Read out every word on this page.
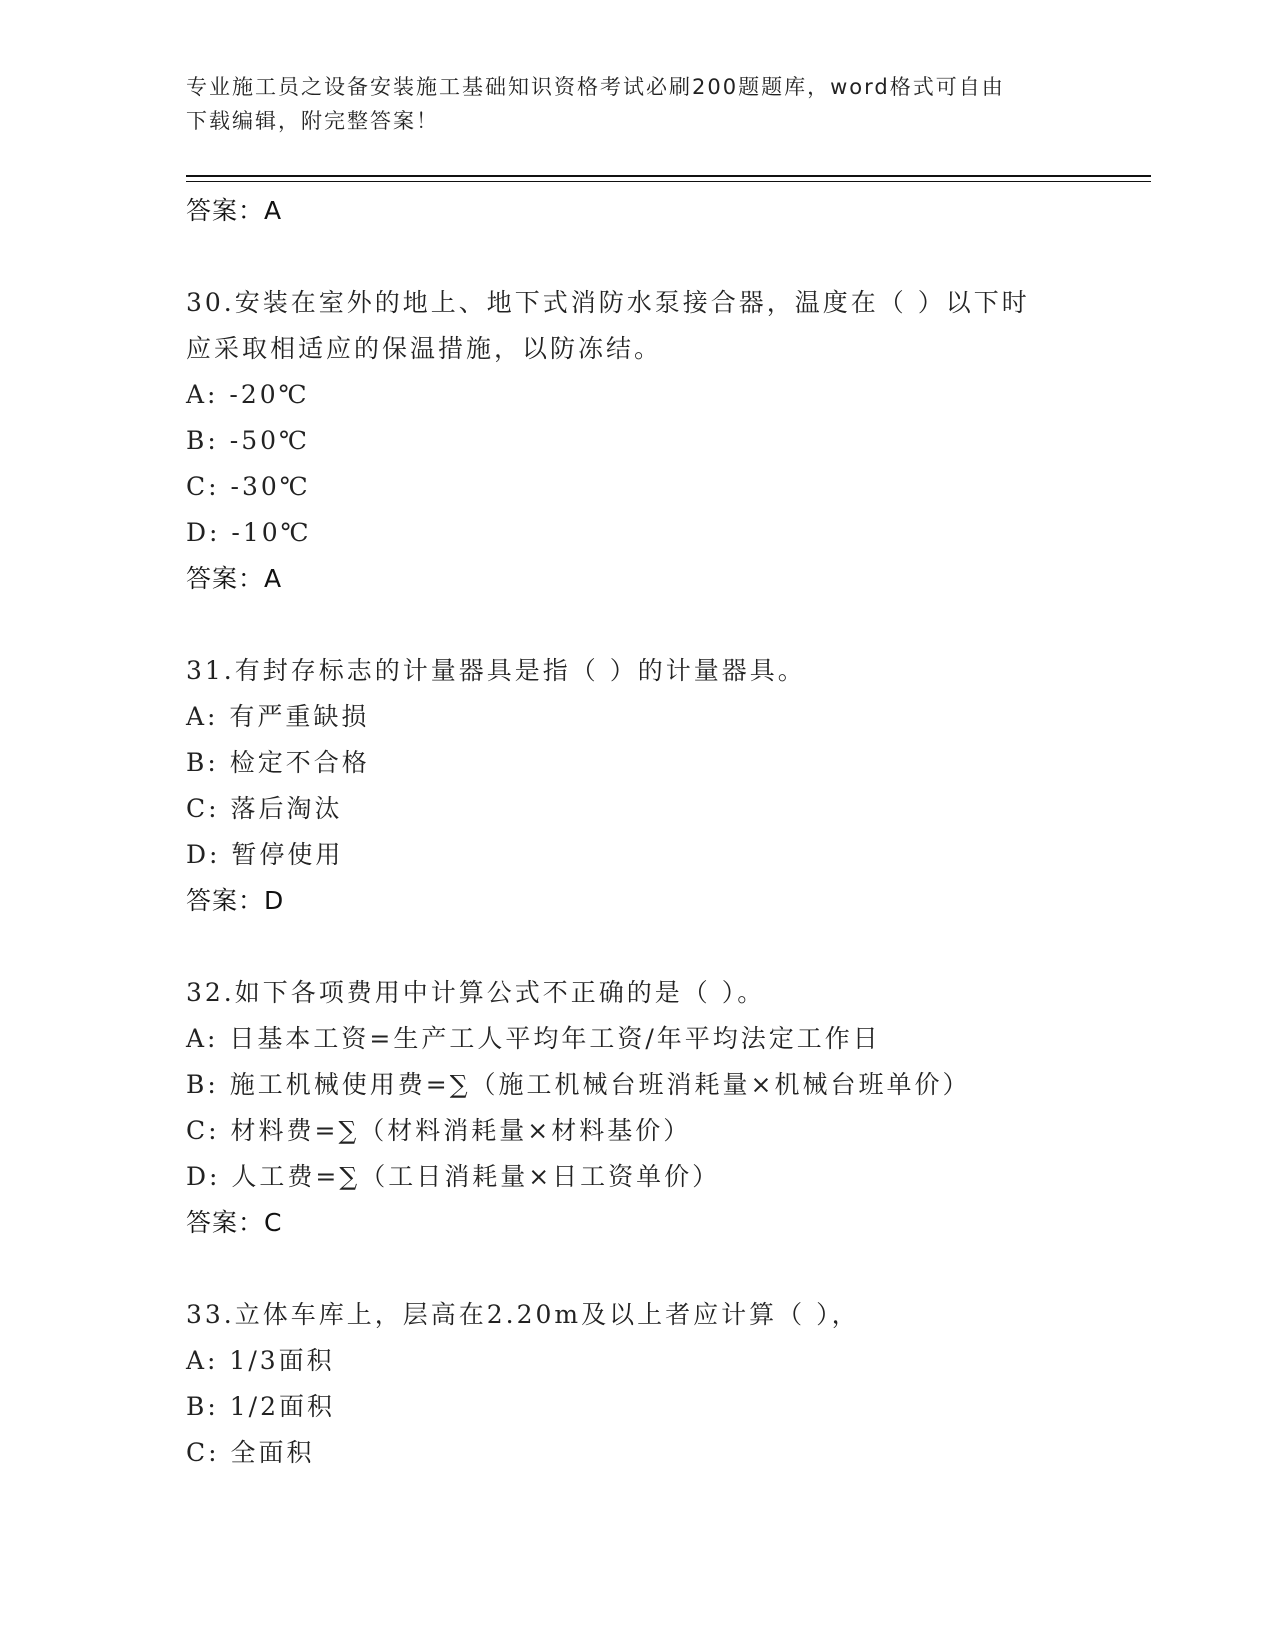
专业施工员之设备安装施工基础知识资格考试必刷200题题库，word格式可自由
下载编辑，附完整答案！
答案：A
30.安装在室外的地上、地下式消防水泵接合器，温度在（ ）以下时
应采取相适应的保温措施，以防冻结。
A: -20℃
B: -50℃
C: -30℃
D: -10℃
答案：A
31.有封存标志的计量器具是指（ ）的计量器具。
A: 有严重缺损
B: 检定不合格
C: 落后淘汰
D: 暂停使用
答案：D
32.如下各项费用中计算公式不正确的是（ ）。
A: 日基本工资=生产工人平均年工资/年平均法定工作日
B: 施工机械使用费=∑（施工机械台班消耗量×机械台班单价）
C: 材料费=∑（材料消耗量×材料基价）
D: 人工费=∑（工日消耗量×日工资单价）
答案：C
33.立体车库上，层高在2.20m及以上者应计算（ ），
A: 1/3面积
B: 1/2面积
C: 全面积
